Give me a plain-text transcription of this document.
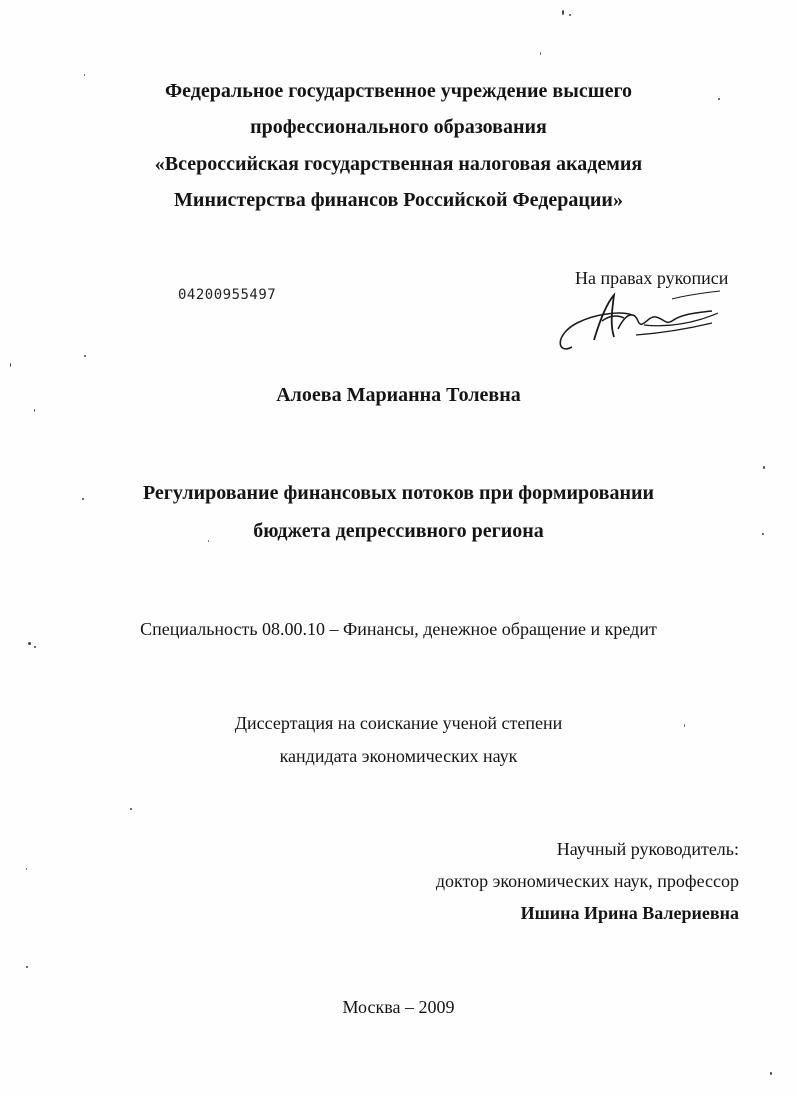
Федеральное государственное учреждение высшего
профессионального образования
«Всероссийская государственная налоговая академия
Министерства финансов Российской Федерации»
04200955497
На правах рукописи
Алоева Марианна Толевна
Регулирование финансовых потоков при формировании
бюджета депрессивного региона
Специальность 08.00.10 – Финансы, денежное обращение и кредит
Диссертация на соискание ученой степени
кандидата экономических наук
Научный руководитель:
доктор экономических наук, профессор
Ишина Ирина Валериевна
Москва – 2009
